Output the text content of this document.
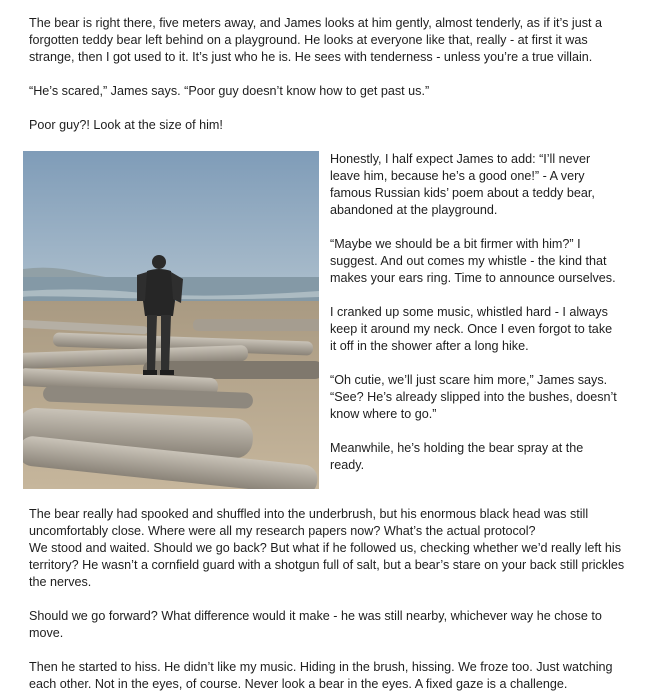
The bear is right there, five meters away, and James looks at him gently, almost tenderly, as if it’s just a forgotten teddy bear left behind on a playground. He looks at everyone like that, really - at first it was strange, then I got used to it. It’s just who he is. He sees with tenderness - unless you’re a true villain.

“He’s scared,” James says. “Poor guy doesn’t know how to get past us.”

Poor guy?! Look at the size of him!

Honestly, I half expect James to add: “I’ll never leave him, because he’s a good one!” - A very famous Russian kids’ poem about a teddy bear, abandoned at the playground.

“Maybe we should be a bit firmer with him?” I suggest. And out comes my whistle - the kind that makes your ears ring. Time to announce ourselves.

I cranked up some music, whistled hard - I always keep it around my neck. Once I even forgot to take it off in the shower after a long hike.

“Oh cutie, we’ll just scare him more,” James says. “See? He’s already slipped into the bushes, doesn’t know where to go.”

Meanwhile, he’s holding the bear spray at the ready.

The bear really had spooked and shuffled into the underbrush, but his enormous black head was still uncomfortably close. Where were all my research papers now? What’s the actual protocol?

We stood and waited. Should we go back? But what if he followed us, checking whether we’d really left his territory? He wasn’t a cornfield guard with a shotgun full of salt, but a bear’s stare on your back still prickles the nerves.

Should we go forward? What difference would it make - he was still nearby, whichever way he chose to move.

Then he started to hiss. He didn’t like my music. Hiding in the brush, hissing. We froze too. Just watching each other. Not in the eyes, of course. Never look a bear in the eyes. A fixed gaze is a challenge.
